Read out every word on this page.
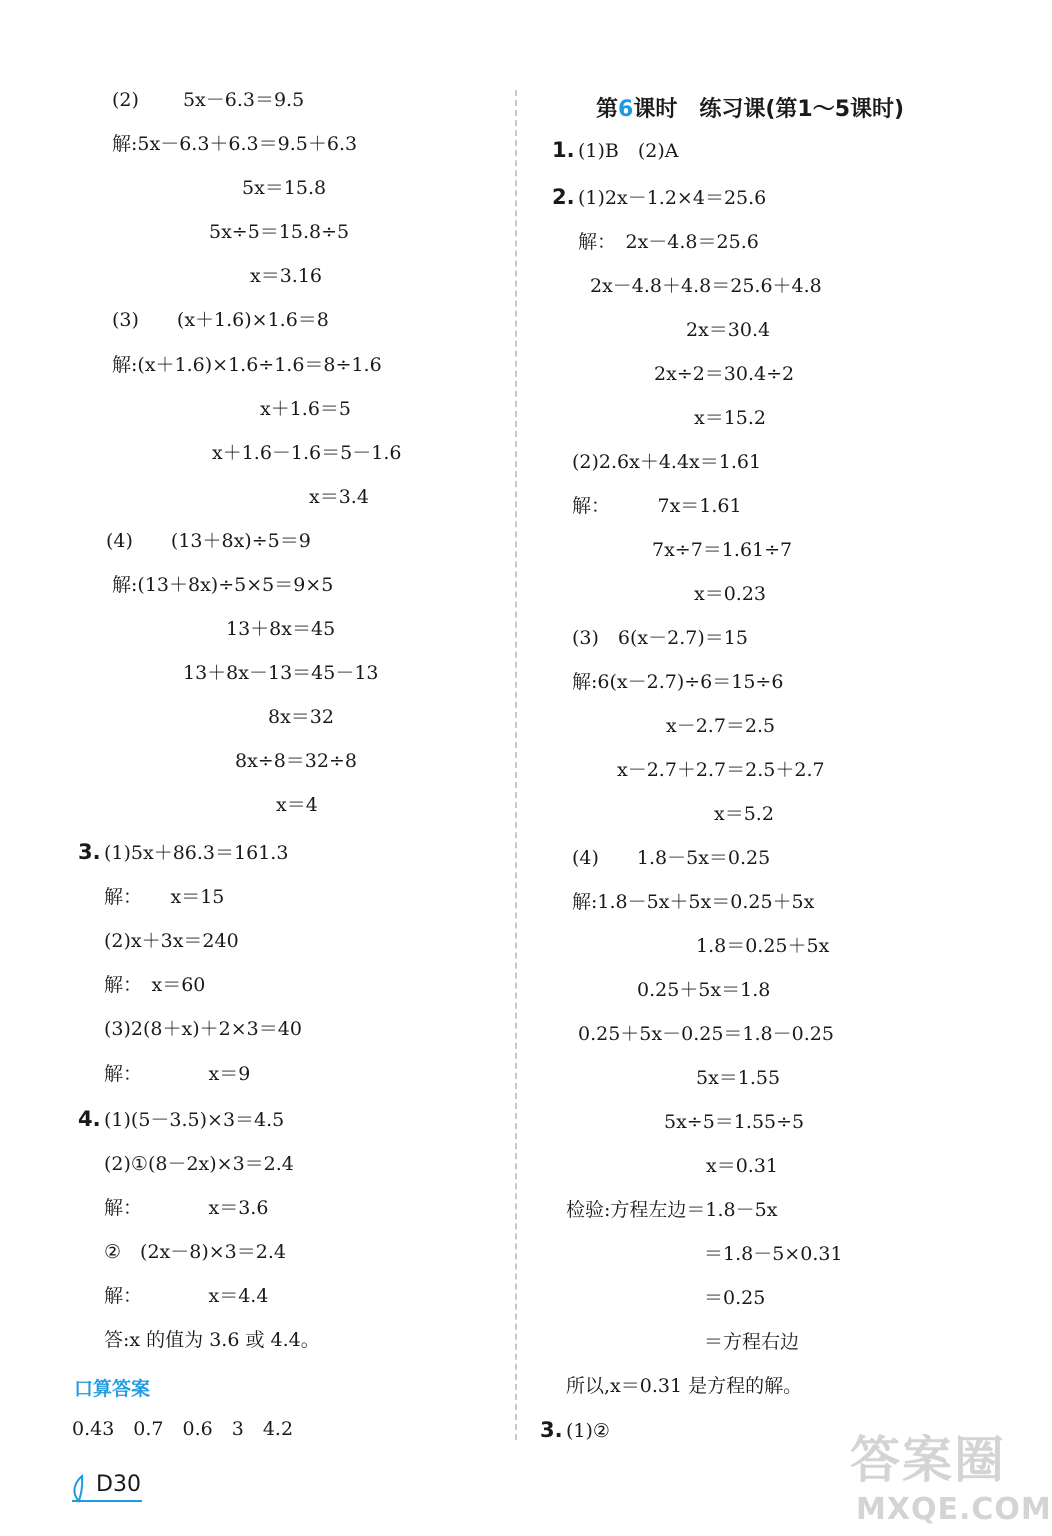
(2)　　 5x－6.3＝9.5
解:5x－6.3＋6.3＝9.5＋6.3
5x＝15.8
5x÷5＝15.8÷5
x＝3.16
(3)　　(x＋1.6)×1.6＝8
解:(x＋1.6)×1.6÷1.6＝8÷1.6
x＋1.6＝5
x＋1.6－1.6＝5－1.6
x＝3.4
(4)　　(13＋8x)÷5＝9
解:(13＋8x)÷5×5＝9×5
13＋8x＝45
13＋8x－13＝45－13
8x＝32
8x÷8＝32÷8
x＝4
3. (1)5x＋86.3＝161.3
解：　　x＝15
(2)x＋3x＝240
解：　x＝60
(3)2(8＋x)＋2×3＝40
解：　　　　x＝9
4. (1)(5－3.5)×3＝4.5
(2)①(8－2x)×3＝2.4
解：　　　　x＝3.6
②　(2x－8)×3＝2.4
解：　　　　x＝4.4
答:x 的值为 3.6 或 4.4。
口算答案
0.43　0.7　0.6　3　4.2
D30
第6课时　练习课(第1～5课时)
1. (1)B　(2)A
2. (1)2x－1.2×4＝25.6
解：　2x－4.8＝25.6
2x－4.8＋4.8＝25.6＋4.8
2x＝30.4
2x÷2＝30.4÷2
x＝15.2
(2)2.6x＋4.4x＝1.61
解：　　　7x＝1.61
7x÷7＝1.61÷7
x＝0.23
(3)　6(x－2.7)＝15
解:6(x－2.7)÷6＝15÷6
x－2.7＝2.5
x－2.7＋2.7＝2.5＋2.7
x＝5.2
(4)　　1.8－5x＝0.25
解:1.8－5x＋5x＝0.25＋5x
1.8＝0.25＋5x
0.25＋5x＝1.8
0.25＋5x－0.25＝1.8－0.25
5x＝1.55
5x÷5＝1.55÷5
x＝0.31
检验:方程左边＝1.8－5x
＝1.8－5×0.31
＝0.25
＝方程右边
所以,x＝0.31 是方程的解。
3. (1)②	答案圈
MXQE.COM
